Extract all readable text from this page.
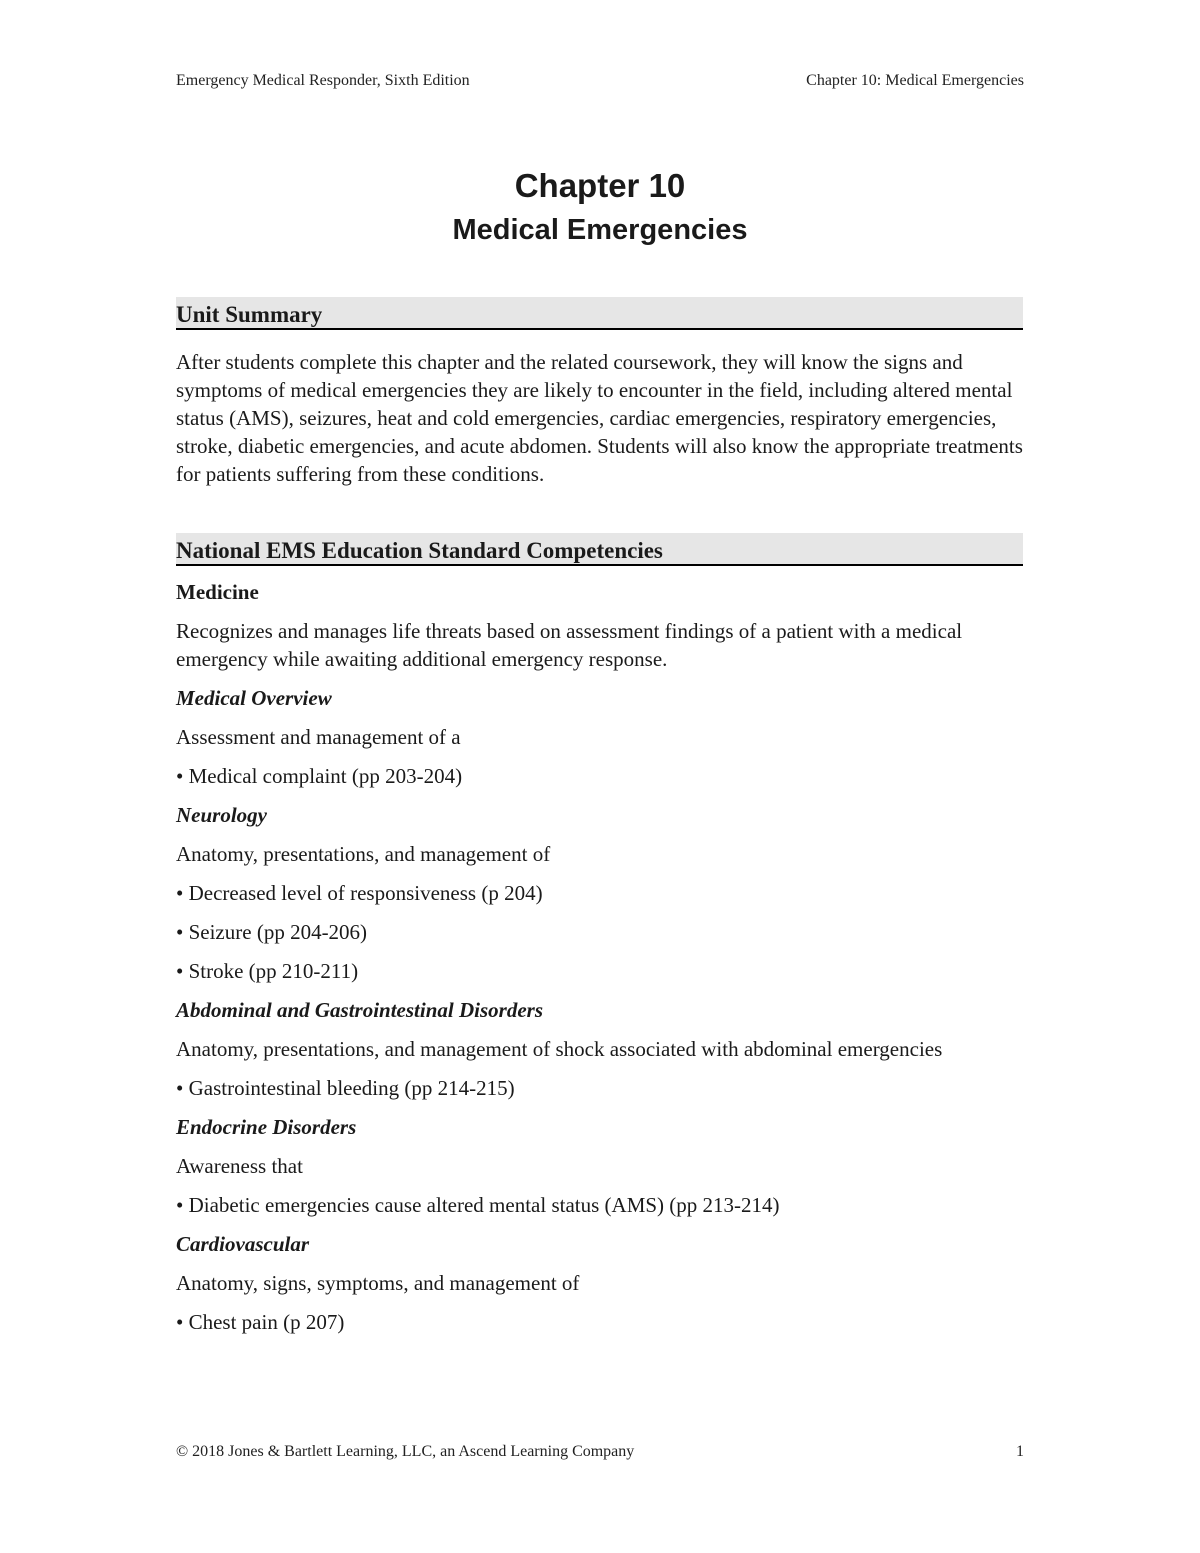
Emergency Medical Responder, Sixth Edition	Chapter 10: Medical Emergencies
Chapter 10
Medical Emergencies
Unit Summary

After students complete this chapter and the related coursework, they will know the signs and symptoms of medical emergencies they are likely to encounter in the field, including altered mental status (AMS), seizures, heat and cold emergencies, cardiac emergencies, respiratory emergencies, stroke, diabetic emergencies, and acute abdomen. Students will also know the appropriate treatments for patients suffering from these conditions.

National EMS Education Standard Competencies
Medicine
Recognizes and manages life threats based on assessment findings of a patient with a medical emergency while awaiting additional emergency response.
Medical Overview
Assessment and management of a
• Medical complaint (pp 203-204)
Neurology
Anatomy, presentations, and management of
• Decreased level of responsiveness (p 204)
• Seizure (pp 204-206)
• Stroke (pp 210-211)
Abdominal and Gastrointestinal Disorders
Anatomy, presentations, and management of shock associated with abdominal emergencies
• Gastrointestinal bleeding (pp 214-215)
Endocrine Disorders
Awareness that
• Diabetic emergencies cause altered mental status (AMS) (pp 213-214)
Cardiovascular
Anatomy, signs, symptoms, and management of
• Chest pain (p 207)
© 2018 Jones & Bartlett Learning, LLC, an Ascend Learning Company	1
